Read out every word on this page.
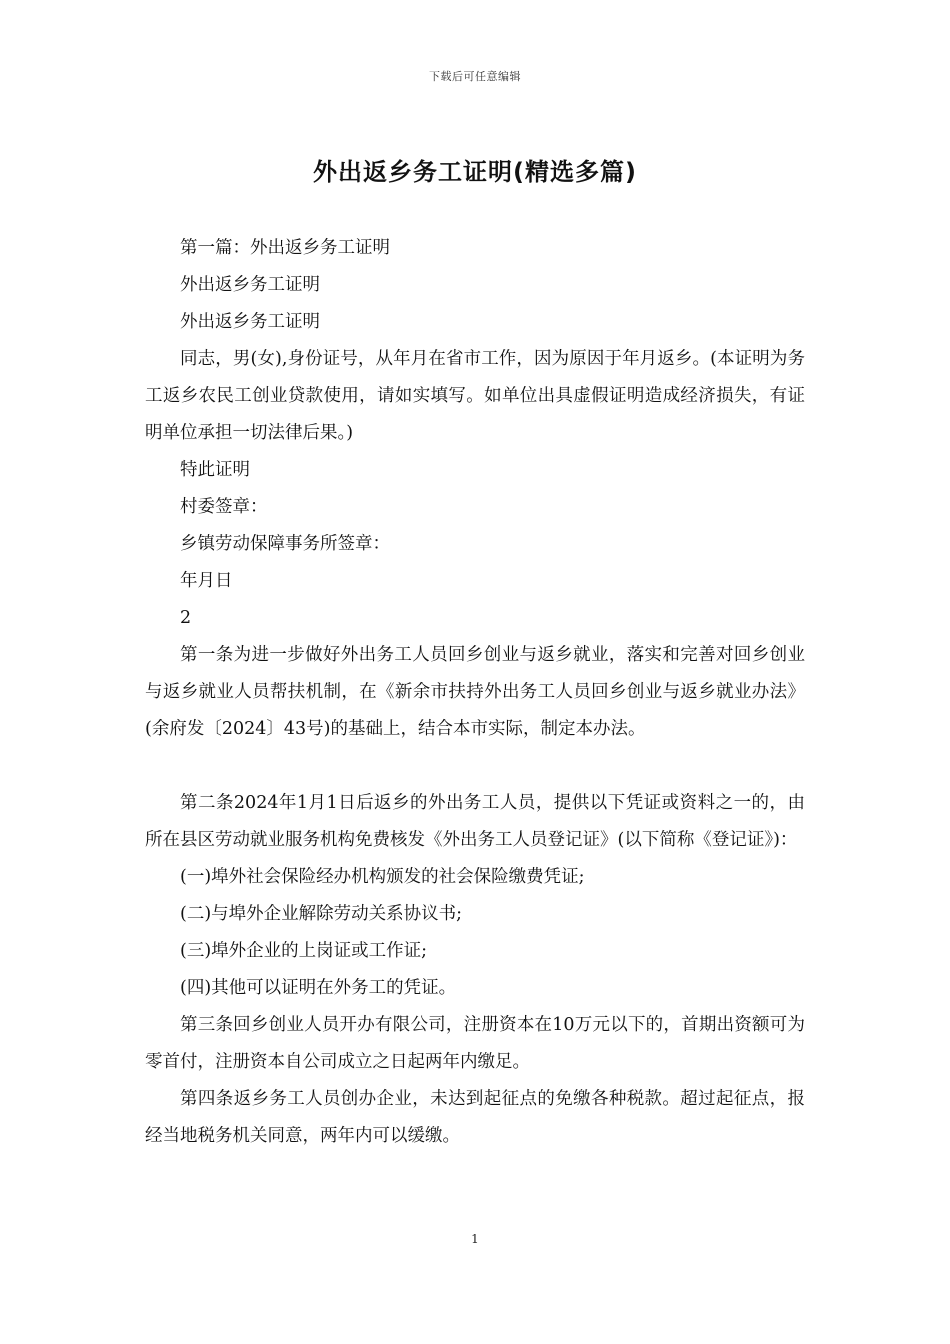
下载后可任意编辑
外出返乡务工证明(精选多篇)

第一篇：外出返乡务工证明

外出返乡务工证明

外出返乡务工证明

同志，男(女),身份证号，从年月在省市工作，因为原因于年月返乡。(本证明为务工返乡农民工创业贷款使用，请如实填写。如单位出具虚假证明造成经济损失，有证明单位承担一切法律后果。)

特此证明

村委签章：

乡镇劳动保障事务所签章：

年月日

2

第一条为进一步做好外出务工人员回乡创业与返乡就业，落实和完善对回乡创业与返乡就业人员帮扶机制，在《新余市扶持外出务工人员回乡创业与返乡就业办法》(余府发〔2024〕43号)的基础上，结合本市实际，制定本办法。

第二条2024年1月1日后返乡的外出务工人员，提供以下凭证或资料之一的，由所在县区劳动就业服务机构免费核发《外出务工人员登记证》(以下简称《登记证》)：

(一)埠外社会保险经办机构颁发的社会保险缴费凭证;

(二)与埠外企业解除劳动关系协议书;

(三)埠外企业的上岗证或工作证;

(四)其他可以证明在外务工的凭证。

第三条回乡创业人员开办有限公司，注册资本在10万元以下的，首期出资额可为零首付，注册资本自公司成立之日起两年内缴足。

第四条返乡务工人员创办企业，未达到起征点的免缴各种税款。超过起征点，报经当地税务机关同意，两年内可以缓缴。

1
